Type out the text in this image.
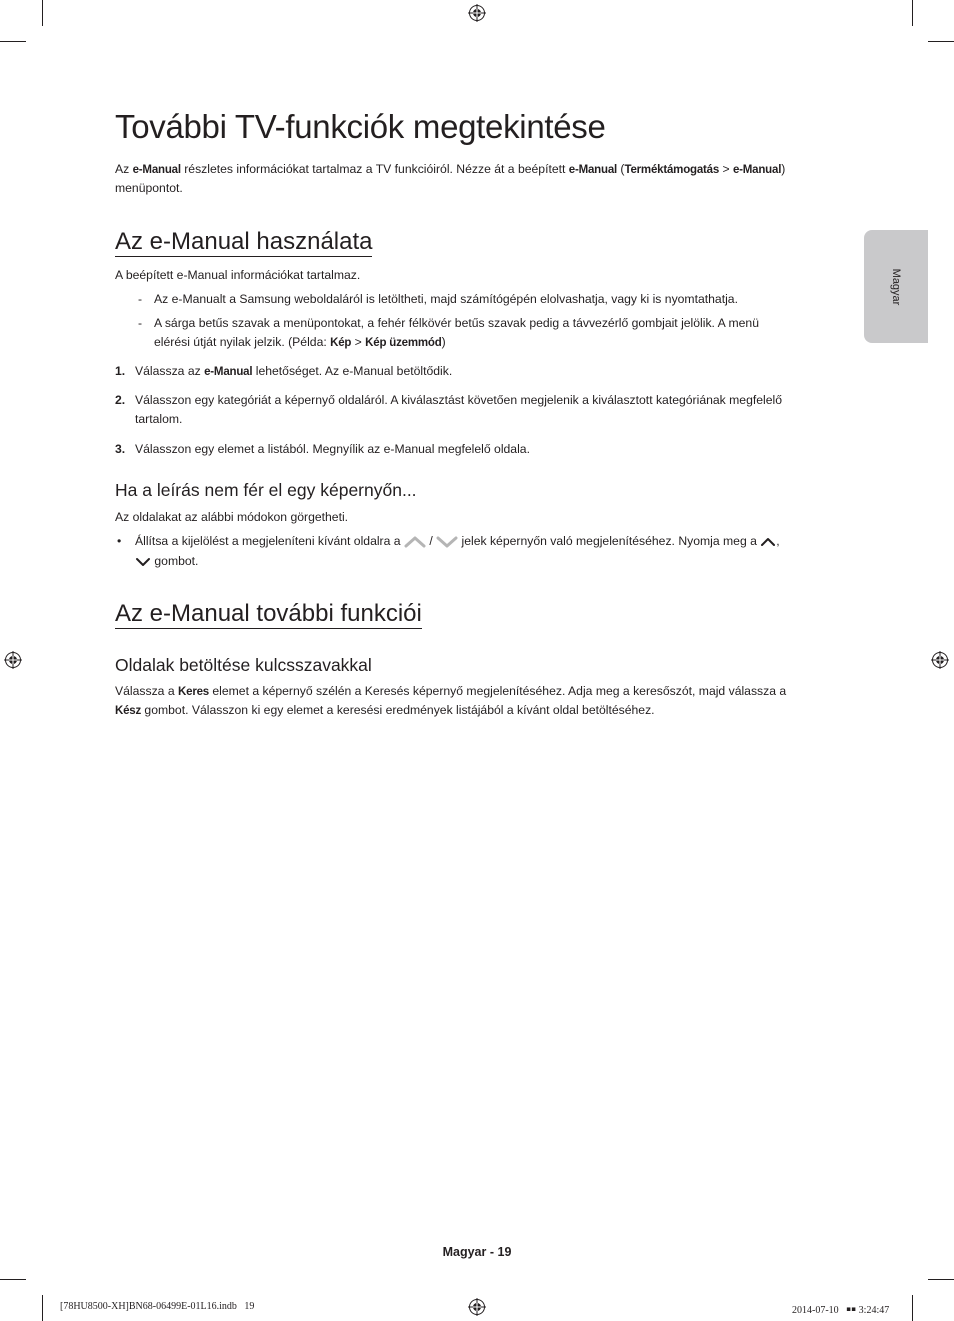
További TV-funkciók megtekintése
Az e-Manual részletes információkat tartalmaz a TV funkcióiról. Nézze át a beépített e-Manual (Terméktámogatás > e-Manual)
menüpontot.
Az e-Manual használata
A beépített e-Manual információkat tartalmaz.
- Az e-Manualt a Samsung weboldaláról is letöltheti, majd számítógépén elolvashatja, vagy ki is nyomtathatja.
- A sárga betűs szavak a menüpontokat, a fehér félkövér betűs szavak pedig a távvezérlő gombjait jelölik. A menü
elérési útját nyilak jelzik. (Példa: Kép > Kép üzemmód)
1. Válassza az e-Manual lehetőséget. Az e-Manual betöltődik.
2. Válasszon egy kategóriát a képernyő oldaláról. A kiválasztást követően megjelenik a kiválasztott kategóriának megfelelő
tartalom.
3. Válasszon egy elemet a listából. Megnyílik az e-Manual megfelelő oldala.
Ha a leírás nem fér el egy képernyőn...
Az oldalakat az alábbi módokon görgetheti.
• Állítsa a kijelölést a megjeleníteni kívánt oldalra a  /  jelek képernyőn való megjelenítéséhez. Nyomja meg a ,
gombot.
Az e-Manual további funkciói
Oldalak betöltése kulcsszavakkal
Válassza a Keres elemet a képernyő szélén a Keresés képernyő megjelenítéséhez. Adja meg a keresőszót, majd válassza a
Kész gombot. Válasszon ki egy elemet a keresési eredmények listájából a kívánt oldal betöltéséhez.
Magyar
Magyar - 19
[78HU8500-XH]BN68-06499E-01L16.indb   19	2014-07-10   ￭￭ 3:24:47
